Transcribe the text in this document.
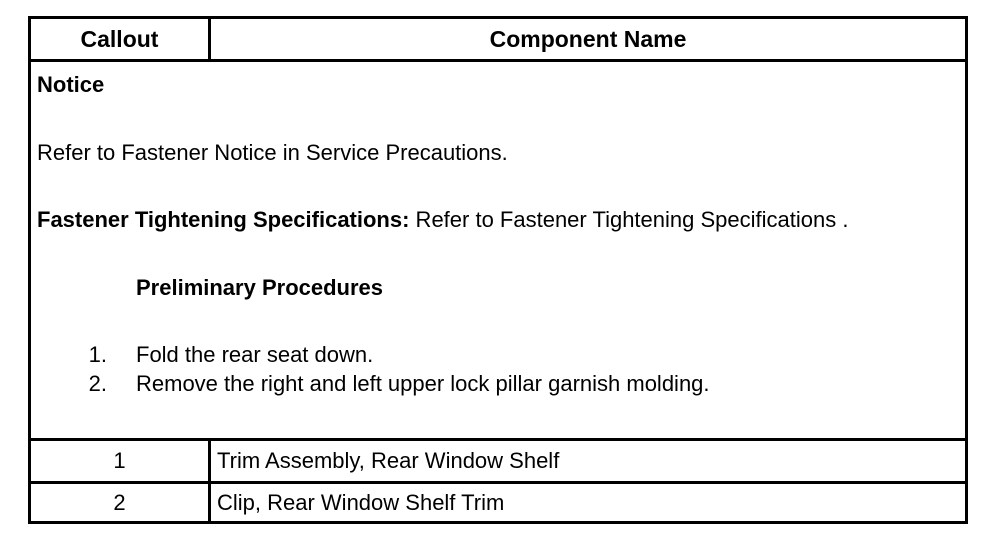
Callout	Component Name
Notice
Refer to Fastener Notice in Service Precautions.
Fastener Tightening Specifications: Refer to Fastener Tightening Specifications .
Preliminary Procedures
1. Fold the rear seat down.
2. Remove the right and left upper lock pillar garnish molding.
1	Trim Assembly, Rear Window Shelf
2	Clip, Rear Window Shelf Trim
